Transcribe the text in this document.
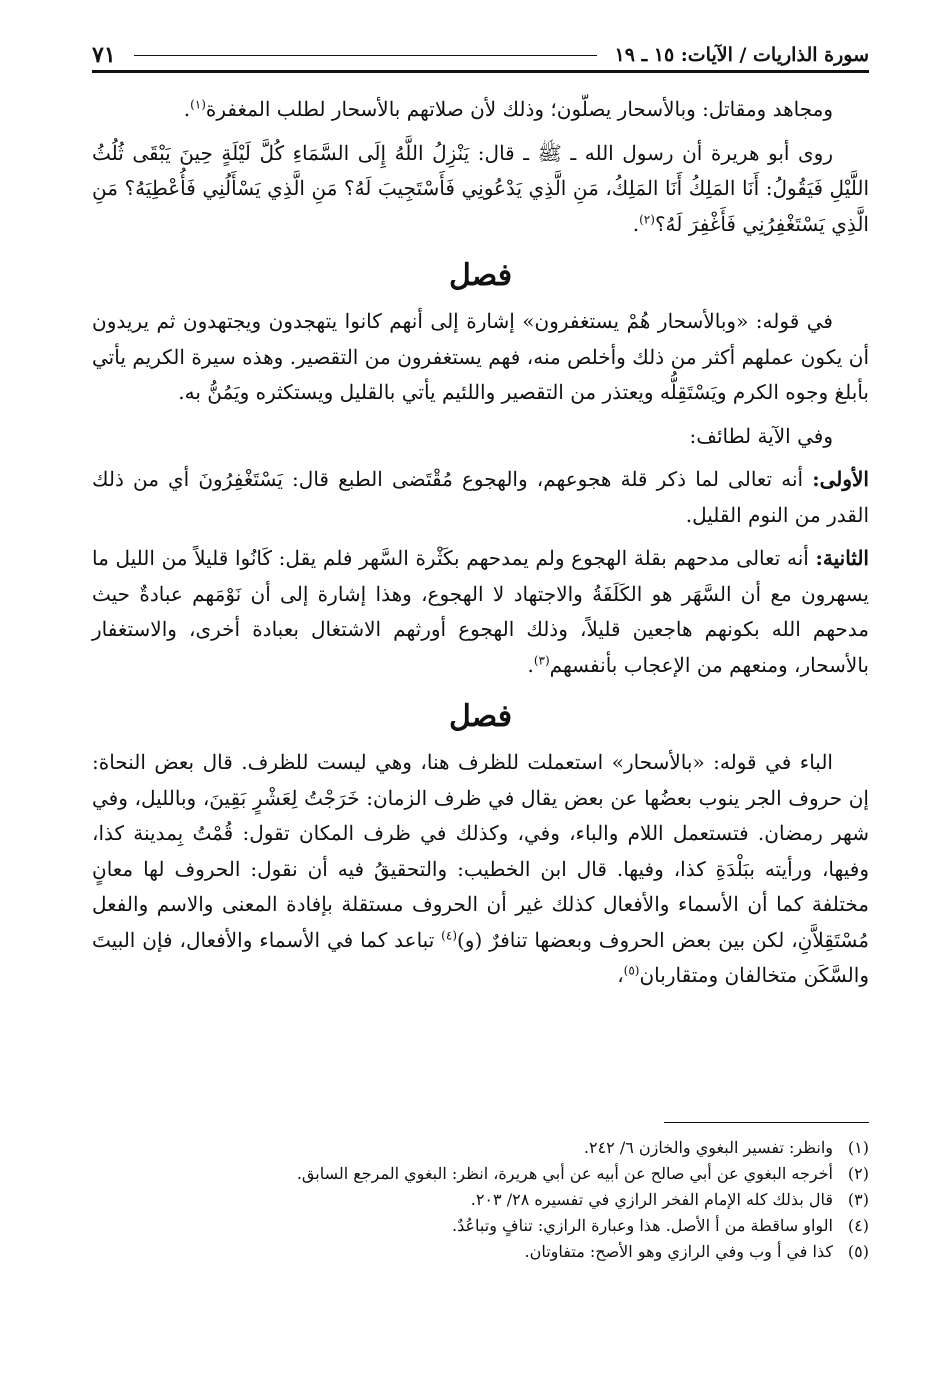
سورة الذاريات / الآيات: ١٥ ـ ١٩
٧١

ومجاهد ومقاتل: وبالأسحار يصلّون؛ وذلك لأن صلاتهم بالأسحار لطلب المغفرة$^{(١)}$.

روى أبو هريرة أن رسول الله ـ ﷺ ـ قال: يَنْزِلُ اللَّهُ إِلَى السَّمَاءِ كُلَّ لَيْلَةٍ حِينَ يَبْقَى ثُلُثُ اللَّيْلِ فَيَقُولُ: أَنَا المَلِكُ أَنَا المَلِكُ، مَنِ الَّذِي يَدْعُونِي فَأَسْتَجِيبَ لَهُ؟ مَنِ الَّذِي يَسْأَلُنِي فَأُعْطِيَهُ؟ مَنِ الَّذِي يَسْتَغْفِرُنِي فَأَغْفِرَ لَهُ؟$^{(٢)}$.

فصل

في قوله: «وبالأسحار هُمْ يستغفرون» إشارة إلى أنهم كانوا يتهجدون ويجتهدون ثم يريدون أن يكون عملهم أكثر من ذلك وأخلص منه، فهم يستغفرون من التقصير. وهذه سيرة الكريم يأتي بأبلغ وجوه الكرم ويَسْتَقِلُّه ويعتذر من التقصير واللئيم يأتي بالقليل ويستكثره ويَمُنُّ به.

وفي الآية لطائف:

الأولى: أنه تعالى لما ذكر قلة هجوعهم، والهجوع مُقْتَضى الطبع قال: يَسْتَغْفِرُونَ أي من ذلك القدر من النوم القليل.

الثانية: أنه تعالى مدحهم بقلة الهجوع ولم يمدحهم بكَثْرة السَّهر فلم يقل: كَانُوا قليلاً من الليل ما يسهرون مع أن السَّهَر هو الكَلَفَةُ والاجتهاد لا الهجوع، وهذا إشارة إلى أن نَوْمَهم عبادةٌ حيث مدحهم الله بكونهم هاجعين قليلاً، وذلك الهجوع أورثهم الاشتغال بعبادة أخرى، والاستغفار بالأسحار، ومنعهم من الإعجاب بأنفسهم$^{(٣)}$.

فصل

الباء في قوله: «بالأسحار» استعملت للظرف هنا، وهي ليست للظرف. قال بعض النحاة: إن حروف الجر ينوب بعضُها عن بعض يقال في ظرف الزمان: خَرَجْتُ لِعَشْرٍ بَقِينَ، وبالليل، وفي شهر رمضان. فتستعمل اللام والباء، وفي، وكذلك في ظرف المكان تقول: قُمْتُ بِمدينة كذا، وفيها، ورأيته ببَلْدَةِ كذا، وفيها. قال ابن الخطيب: والتحقيقُ فيه أن نقول: الحروف لها معانٍ مختلفة كما أن الأسماء والأفعال كذلك غير أن الحروف مستقلة بإفادة المعنى والاسم والفعل مُسْتَقِلاَّنِ، لكن بين بعض الحروف وبعضها تنافرٌ (و)$^{(٤)}$ تباعد كما في الأسماء والأفعال، فإن البيتَ والسَّكَن متخالفان ومتقاربان$^{(٥)}$،

(١)وانظر: تفسير البغوي والخازن ٦/ ٢٤٢.

(٢)أخرجه البغوي عن أبي صالح عن أبيه عن أبي هريرة، انظر: البغوي المرجع السابق.

(٣)قال بذلك كله الإمام الفخر الرازي في تفسيره ٢٨/ ٢٠٣.

(٤)الواو ساقطة من أ الأصل. هذا وعبارة الرازي: تنافٍ وتباعُدٌ.

(٥)كذا في أ وب وفي الرازي وهو الأصح: متفاوتان.
